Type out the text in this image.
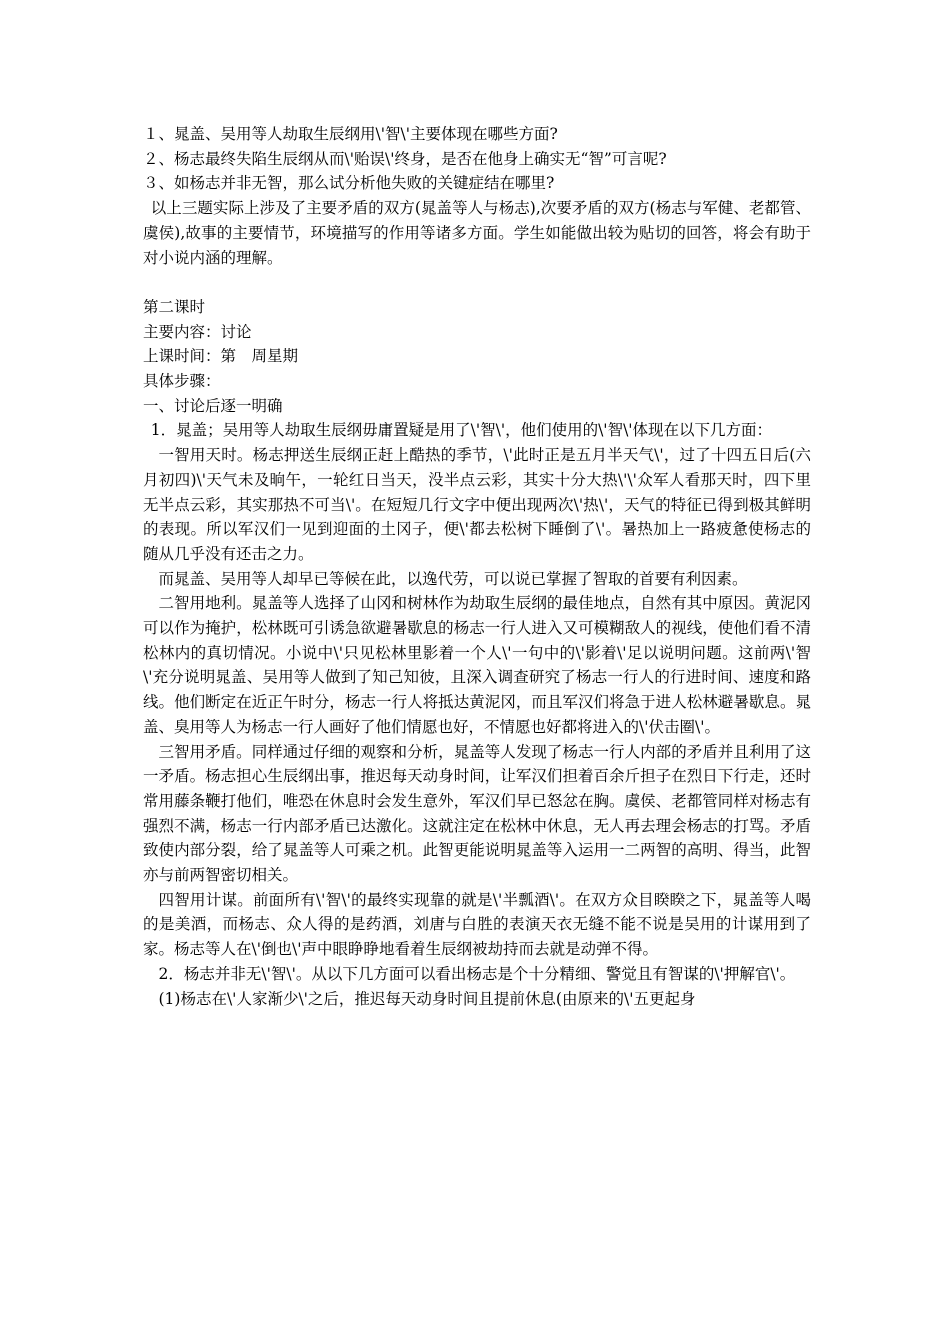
１、晁盖、吴用等人劫取生辰纲用\'智\'主要体现在哪些方面?
２、杨志最终失陷生辰纲从而\'贻误\'终身，是否在他身上确实无“智”可言呢?
３、如杨志并非无智，那么试分析他失败的关键症结在哪里?

以上三题实际上涉及了主要矛盾的双方(晁盖等人与杨志),次要矛盾的双方(杨志与军健、老都管、虞侯),故事的主要情节，环境描写的作用等诸多方面。学生如能做出较为贴切的回答，将会有助于对小说内涵的理解。

第二课时
主要内容：讨论
上课时间：第　周星期
具体步骤：
一、讨论后逐一明确

1．晁盖；吴用等人劫取生辰纲毋庸置疑是用了\'智\'，他们使用的\'智\'体现在以下几方面：

一智用天时。杨志押送生辰纲正赶上酷热的季节，\'此时正是五月半天气\'，过了十四五日后(六月初四)\'天气未及晌午，一轮红日当天，没半点云彩，其实十分大热\'\'众军人看那天时，四下里无半点云彩，其实那热不可当\'。在短短几行文字中便出现两次\'热\'，天气的特征已得到极其鲜明的表现。所以军汉们一见到迎面的土冈子，便\'都去松树下睡倒了\'。暑热加上一路疲惫使杨志的随从几乎没有还击之力。

而晁盖、吴用等人却早已等候在此，以逸代劳，可以说已掌握了智取的首要有利因素。

二智用地利。晁盖等人选择了山冈和树林作为劫取生辰纲的最佳地点，自然有其中原因。黄泥冈可以作为掩护，松林既可引诱急欲避暑歇息的杨志一行人进入又可模糊敌人的视线，使他们看不清松林内的真切情况。小说中\'只见松林里影着一个人\'一句中的\'影着\'足以说明问题。这前两\'智\'充分说明晁盖、吴用等人做到了知己知彼，且深入调查研究了杨志一行人的行进时间、速度和路线。他们断定在近正午时分，杨志一行人将抵达黄泥冈，而且军汉们将急于进人松林避暑歇息。晁盖、臭用等人为杨志一行人画好了他们情愿也好，不情愿也好都将进入的\'伏击圈\'。

三智用矛盾。同样通过仔细的观察和分析，晁盖等人发现了杨志一行人内部的矛盾并且利用了这一矛盾。杨志担心生辰纲出事，推迟每天动身时间，让军汉们担着百余斤担子在烈日下行走，还时常用藤条鞭打他们，唯恐在休息时会发生意外，军汉们早已怒忿在胸。虞侯、老都管同样对杨志有强烈不满，杨志一行内部矛盾已达激化。这就注定在松林中休息，无人再去理会杨志的打骂。矛盾致使内部分裂，给了晁盖等人可乘之机。此智更能说明晁盖等入运用一二两智的高明、得当，此智亦与前两智密切相关。

四智用计谋。前面所有\'智\'的最终实现靠的就是\'半瓢酒\'。在双方众目睽睽之下，晁盖等人喝的是美酒，而杨志、众人得的是药酒，刘唐与白胜的表演天衣无缝不能不说是吴用的计谋用到了家。杨志等人在\'倒也\'声中眼睁睁地看着生辰纲被劫持而去就是动弹不得。

2．杨志并非无\'智\'。从以下几方面可以看出杨志是个十分精细、警觉且有智谋的\'押解官\'。

(1)杨志在\'人家渐少\'之后，推迟每天动身时间且提前休息(由原来的\'五更起身
